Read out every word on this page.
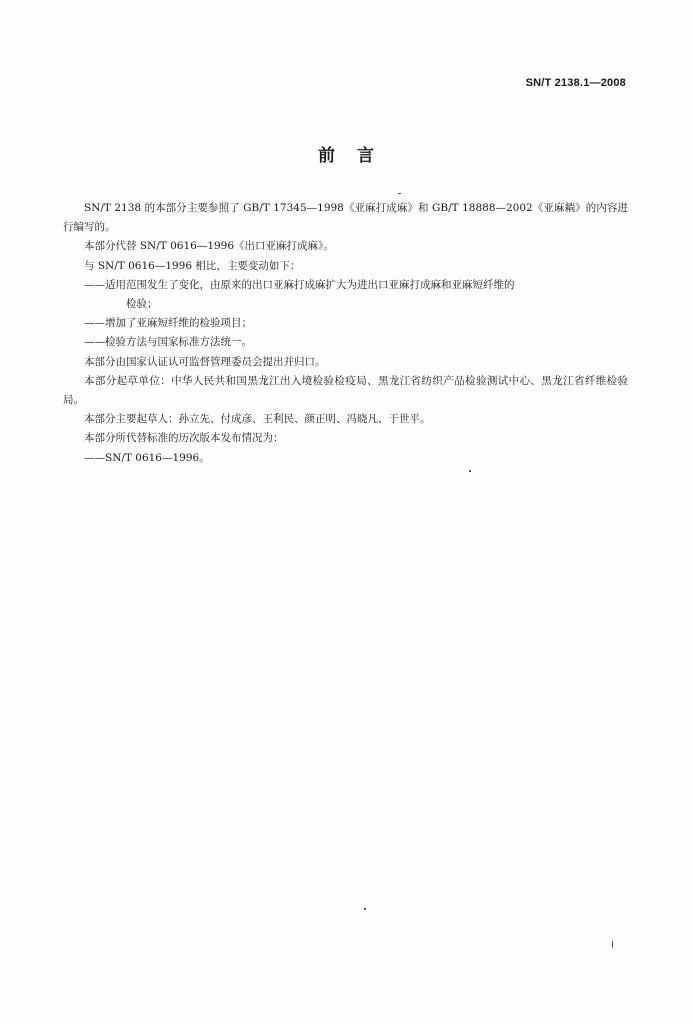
SN/T 2138.1—2008
前言

SN/T 2138 的本部分主要参照了 GB/T 17345—1998《亚麻打成麻》和 GB/T 18888—2002《亚麻耥》的内容进行编写的。

本部分代替 SN/T 0616—1996《出口亚麻打成麻》。

与 SN/T 0616—1996 相比，主要变动如下：

——适用范围发生了变化，由原来的出口亚麻打成麻扩大为进出口亚麻打成麻和亚麻短纤维的
检验；

——增加了亚麻短纤维的检验项目；

——检验方法与国家标准方法统一。

本部分由国家认证认可监督管理委员会提出并归口。

本部分起草单位：中华人民共和国黑龙江出入境检验检疫局、黑龙江省纺织产品检验测试中心、黑龙江省纤维检验局。

本部分主要起草人：孙立先、付成彦、王利民、颜正明、冯晓凡、于世平。

本部分所代替标准的历次版本发布情况为：

——SN/T 0616—1996。
